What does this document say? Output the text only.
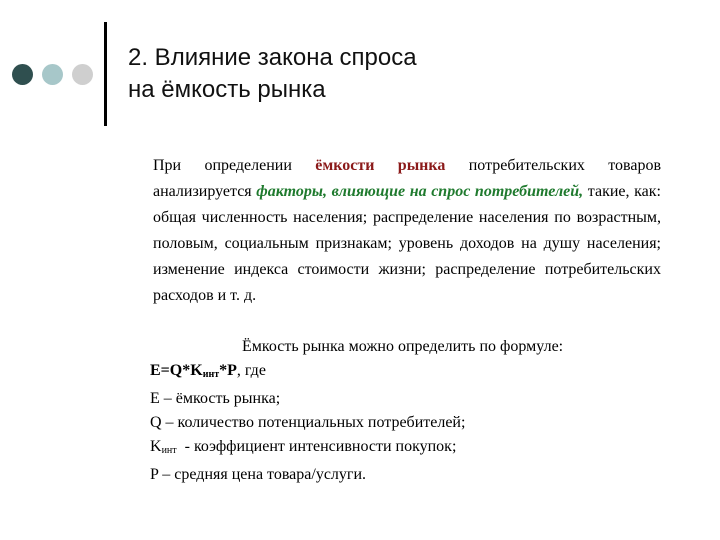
2. Влияние закона спроса
на ёмкость рынка
При определении ёмкости рынка потребительских товаров анализируется факторы, влияющие на спрос потребителей, такие, как: общая численность населения; распределение населения по возрастным, половым, социальным признакам; уровень доходов на душу населения; изменение индекса стоимости жизни; распределение потребительских расходов и т. д.
Ёмкость рынка можно определить по формуле:
$E=Q*K_{инт}*P$, где
E – ёмкость рынка;
Q – количество потенциальных потребителей;
$K_{инт}$  - коэффициент интенсивности покупок;
P – средняя цена товара/услуги.
